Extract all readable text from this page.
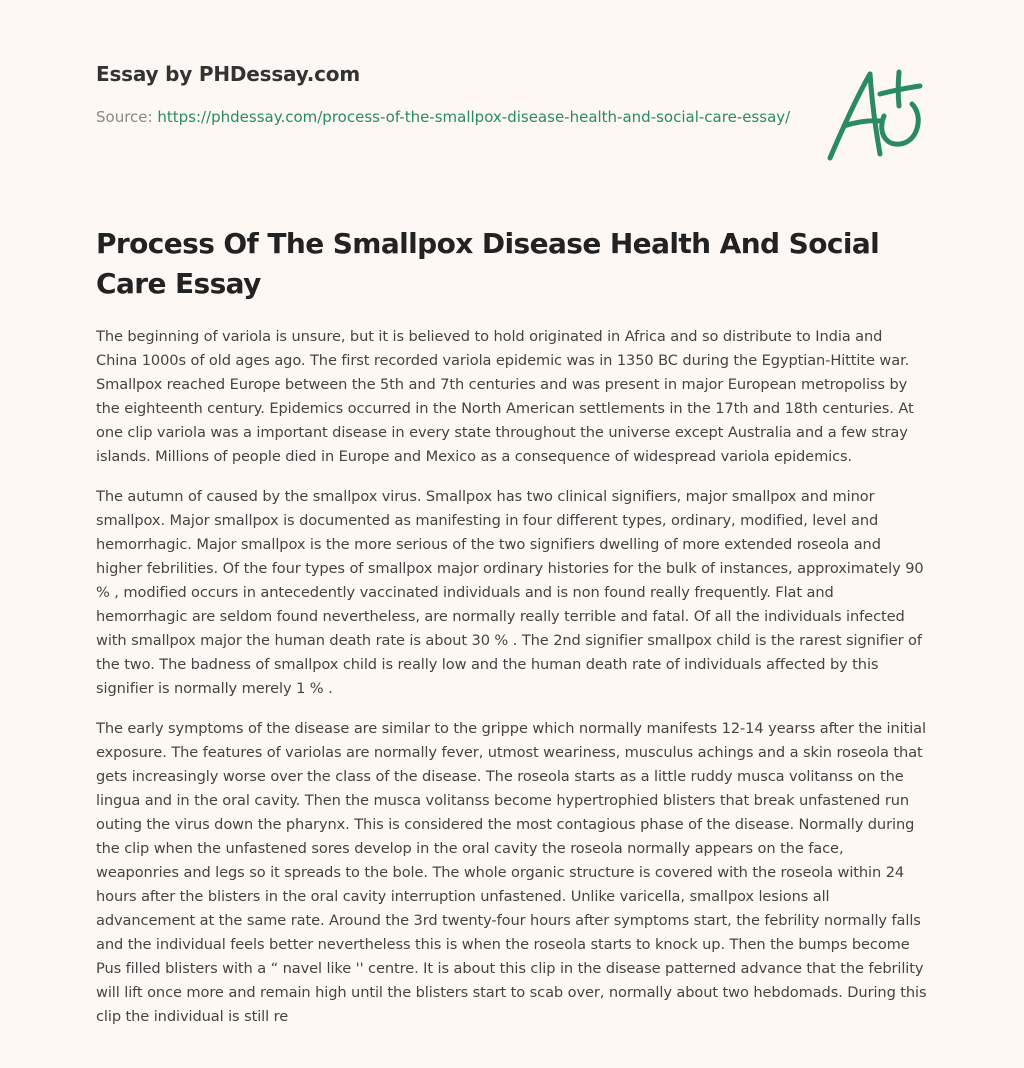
Essay by PHDessay.com
Source: https://phdessay.com/process-of-the-smallpox-disease-health-and-social-care-essay/
Process Of The Smallpox Disease Health And Social Care Essay

The beginning of variola is unsure, but it is believed to hold originated in Africa and so distribute to India and China 1000s of old ages ago. The first recorded variola epidemic was in 1350 BC during the Egyptian-Hittite war. Smallpox reached Europe between the 5th and 7th centuries and was present in major European metropoliss by the eighteenth century. Epidemics occurred in the North American settlements in the 17th and 18th centuries. At one clip variola was a important disease in every state throughout the universe except Australia and a few stray islands. Millions of people died in Europe and Mexico as a consequence of widespread variola epidemics.

The autumn of caused by the smallpox virus. Smallpox has two clinical signifiers, major smallpox and minor smallpox. Major smallpox is documented as manifesting in four different types, ordinary, modified, level and hemorrhagic. Major smallpox is the more serious of the two signifiers dwelling of more extended roseola and higher febrilities. Of the four types of smallpox major ordinary histories for the bulk of instances, approximately 90 % , modified occurs in antecedently vaccinated individuals and is non found really frequently. Flat and hemorrhagic are seldom found nevertheless, are normally really terrible and fatal. Of all the individuals infected with smallpox major the human death rate is about 30 % . The 2nd signifier smallpox child is the rarest signifier of the two. The badness of smallpox child is really low and the human death rate of individuals affected by this signifier is normally merely 1 % .

The early symptoms of the disease are similar to the grippe which normally manifests 12-14 yearss after the initial exposure. The features of variolas are normally fever, utmost weariness, musculus achings and a skin roseola that gets increasingly worse over the class of the disease. The roseola starts as a little ruddy musca volitanss on the lingua and in the oral cavity. Then the musca volitanss become hypertrophied blisters that break unfastened run outing the virus down the pharynx. This is considered the most contagious phase of the disease. Normally during the clip when the unfastened sores develop in the oral cavity the roseola normally appears on the face, weaponries and legs so it spreads to the bole. The whole organic structure is covered with the roseola within 24 hours after the blisters in the oral cavity interruption unfastened. Unlike varicella, smallpox lesions all advancement at the same rate. Around the 3rd twenty-four hours after symptoms start, the febrility normally falls and the individual feels better nevertheless this is when the roseola starts to knock up. Then the bumps become Pus filled blisters with a “ navel like '' centre. It is about this clip in the disease patterned advance that the febrility will lift once more and remain high until the blisters start to scab over, normally about two hebdomads. During this clip the individual is still re
